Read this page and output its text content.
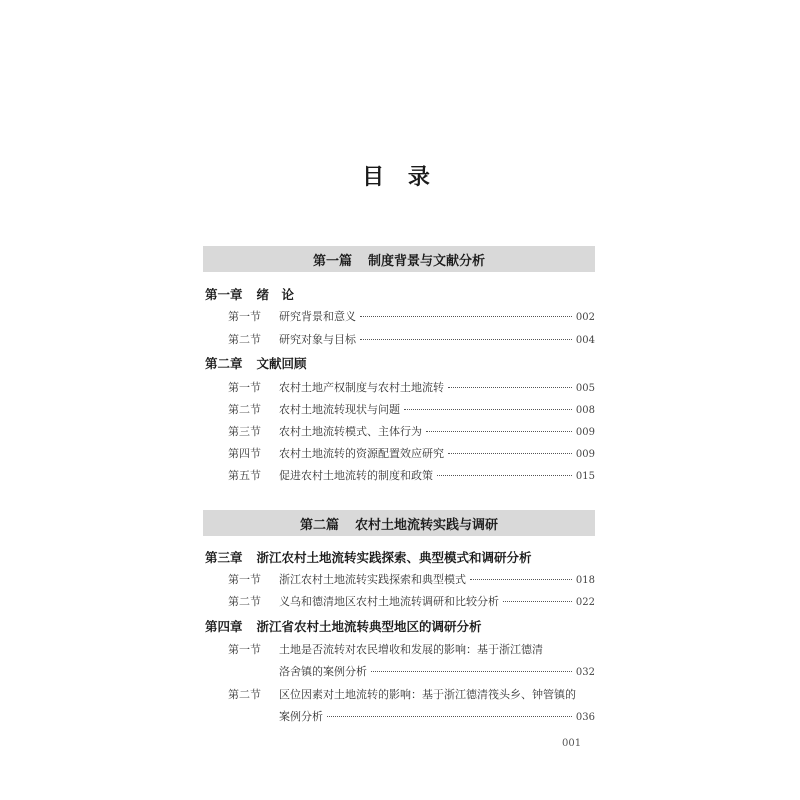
目 录
第一篇 制度背景与文献分析
第一章 绪　论
第一节 研究背景和意义	002
第二节 研究对象与目标	004
第二章 文献回顾
第一节 农村土地产权制度与农村土地流转	005
第二节 农村土地流转现状与问题	008
第三节 农村土地流转模式、主体行为	009
第四节 农村土地流转的资源配置效应研究	009
第五节 促进农村土地流转的制度和政策	015
第二篇 农村土地流转实践与调研
第三章 浙江农村土地流转实践探索、典型模式和调研分析
第一节 浙江农村土地流转实践探索和典型模式	018
第二节 义乌和德清地区农村土地流转调研和比较分析	022
第四章 浙江省农村土地流转典型地区的调研分析
第一节 土地是否流转对农民增收和发展的影响：基于浙江德清
洛舍镇的案例分析	032
第二节 区位因素对土地流转的影响：基于浙江德清筏头乡、钟管镇的
案例分析	036
001
